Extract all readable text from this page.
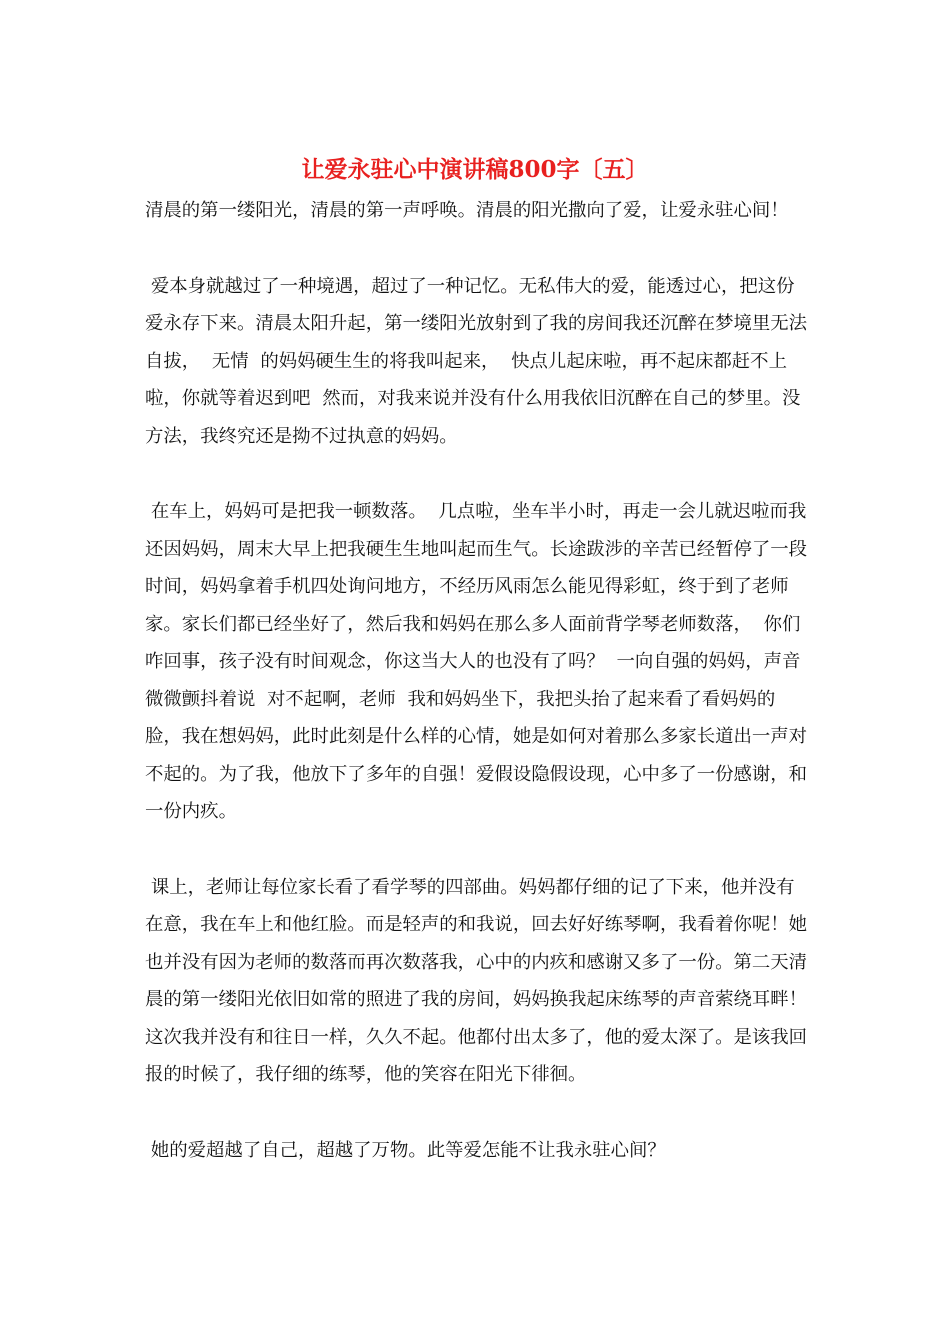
让爱永驻心中演讲稿800字〔五〕

清晨的第一缕阳光，清晨的第一声呼唤。清晨的阳光撒向了爱，让爱永驻心间！

爱本身就越过了一种境遇，超过了一种记忆。无私伟大的爱，能透过心，把这份爱永存下来。清晨太阳升起，第一缕阳光放射到了我的房间我还沉醉在梦境里无法自拔，  无情  的妈妈硬生生的将我叫起来，  快点儿起床啦，再不起床都赶不上啦，你就等着迟到吧  然而，对我来说并没有什么用我依旧沉醉在自己的梦里。没方法，我终究还是拗不过执意的妈妈。

在车上，妈妈可是把我一顿数落。  几点啦，坐车半小时，再走一会儿就迟啦而我还因妈妈，周末大早上把我硬生生地叫起而生气。长途跋涉的辛苦已经暂停了一段时间，妈妈拿着手机四处询问地方，不经历风雨怎么能见得彩虹，终于到了老师家。家长们都已经坐好了，然后我和妈妈在那么多人面前背学琴老师数落，  你们咋回事，孩子没有时间观念，你这当大人的也没有了吗？  一向自强的妈妈，声音微微颤抖着说  对不起啊，老师  我和妈妈坐下，我把头抬了起来看了看妈妈的脸，我在想妈妈，此时此刻是什么样的心情，她是如何对着那么多家长道出一声对不起的。为了我，他放下了多年的自强！爱假设隐假设现，心中多了一份感谢，和一份内疚。

课上，老师让每位家长看了看学琴的四部曲。妈妈都仔细的记了下来，他并没有在意，我在车上和他红脸。而是轻声的和我说，回去好好练琴啊，我看着你呢！她也并没有因为老师的数落而再次数落我，心中的内疚和感谢又多了一份。第二天清晨的第一缕阳光依旧如常的照进了我的房间，妈妈换我起床练琴的声音萦绕耳畔！这次我并没有和往日一样，久久不起。他都付出太多了，他的爱太深了。是该我回报的时候了，我仔细的练琴，他的笑容在阳光下徘徊。

她的爱超越了自己，超越了万物。此等爱怎能不让我永驻心间？
